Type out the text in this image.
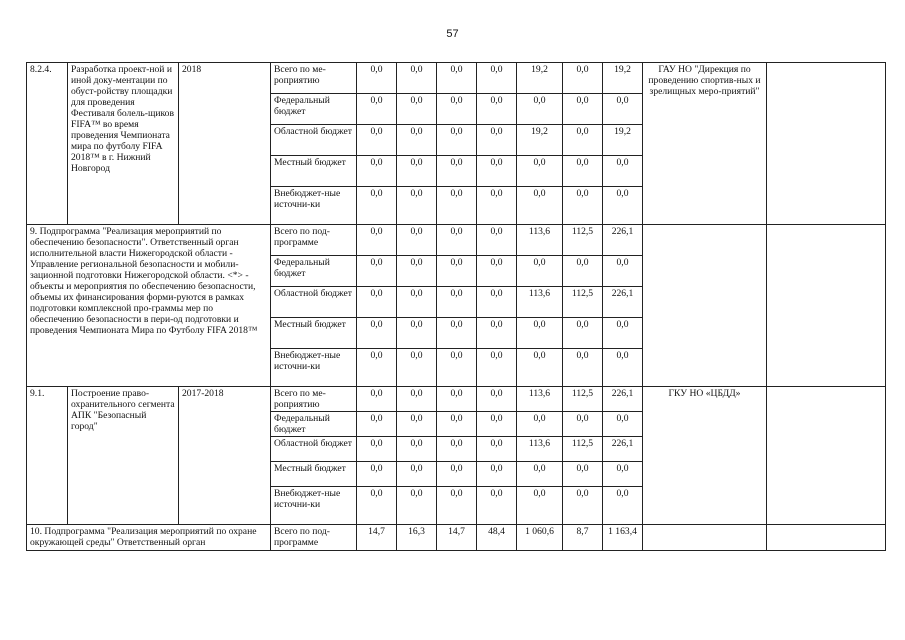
57
8.2.4.	Разработка проект-ной и иной доку-ментации по обуст-ройству площадки для проведения Фестиваля болель-щиков FIFA™ во время проведения Чемпионата мира по футболу FIFA 2018™ в г. Нижний Новгород	2018	Всего по ме-роприятию	0,0	0,0	0,0	0,0	19,2	0,0	19,2	ГАУ НО "Дирекция по проведению спортив-ных и зрелищных меро-приятий"	
			Федеральный бюджет	0,0	0,0	0,0	0,0	0,0	0,0	0,0		
			Областной бюджет	0,0	0,0	0,0	0,0	19,2	0,0	19,2		
			Местный бюджет	0,0	0,0	0,0	0,0	0,0	0,0	0,0		
			Внебюджет-ные источни-ки	0,0	0,0	0,0	0,0	0,0	0,0	0,0		
9. Подпрограмма "Реализация мероприятий по обеспечению безопасности". Ответственный орган исполнительной власти Нижегородской области - Управление региональной безопасности и мобили-зационной подготовки Нижегородской области. <*> - объекты и мероприятия по обеспечению безопасности, объемы их финансирования форми-руются в рамках подготовки комплексной про-граммы мер по обеспечению безопасности в пери-од подготовки и проведения Чемпионата Мира по Футболу FIFA 2018™			Всего по под-программе	0,0	0,0	0,0	0,0	113,6	112,5	226,1		
			Федеральный бюджет	0,0	0,0	0,0	0,0	0,0	0,0	0,0		
			Областной бюджет	0,0	0,0	0,0	0,0	113,6	112,5	226,1		
			Местный бюджет	0,0	0,0	0,0	0,0	0,0	0,0	0,0		
			Внебюджет-ные источни-ки	0,0	0,0	0,0	0,0	0,0	0,0	0,0		
9.1.	Построение право-охранительного сегмента АПК "Безопасный город"	2017-2018	Всего по ме-роприятию	0,0	0,0	0,0	0,0	113,6	112,5	226,1	ГКУ НО «ЦБДД»	
			Федеральный бюджет	0,0	0,0	0,0	0,0	0,0	0,0	0,0		
			Областной бюджет	0,0	0,0	0,0	0,0	113,6	112,5	226,1		
			Местный бюджет	0,0	0,0	0,0	0,0	0,0	0,0	0,0		
			Внебюджет-ные источни-ки	0,0	0,0	0,0	0,0	0,0	0,0	0,0		
10. Подпрограмма "Реализация мероприятий по охране окружающей среды" Ответственный орган			Всего по под-программе	14,7	16,3	14,7	48,4	1 060,6	8,7	1 163,4		
